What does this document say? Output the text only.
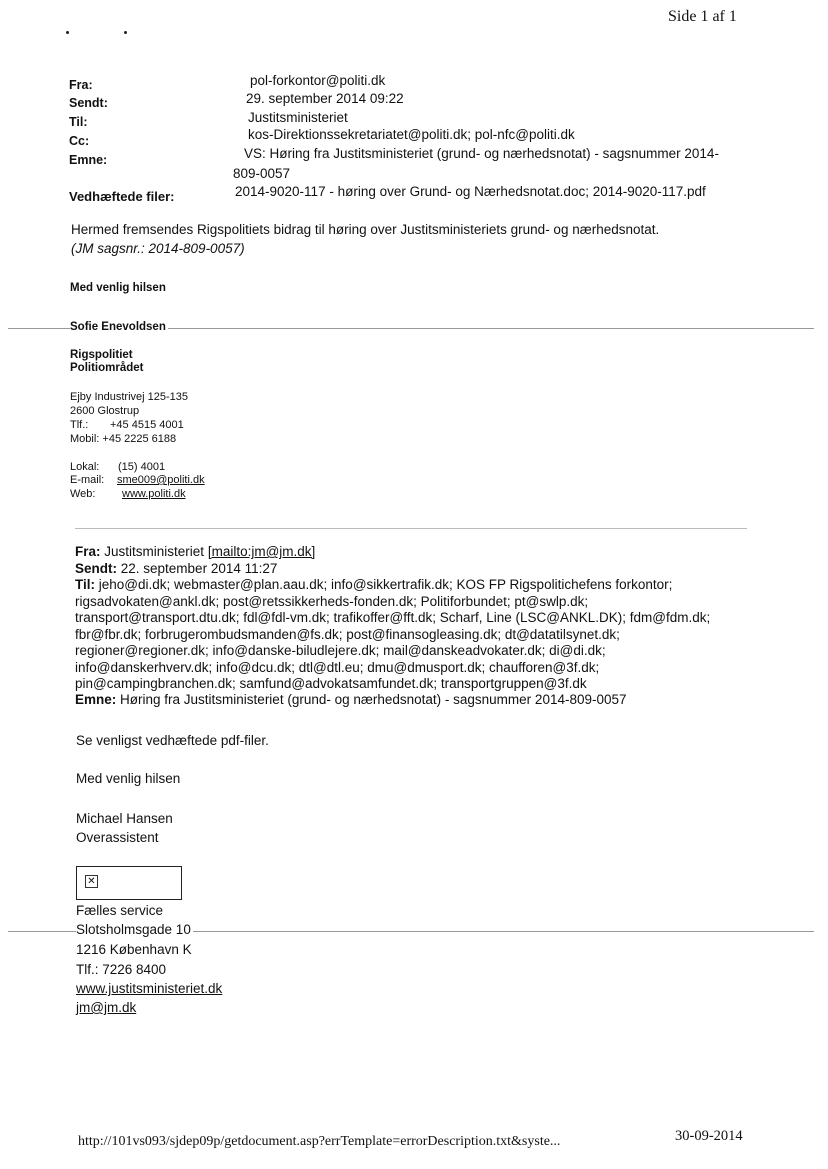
Side 1 af 1
Fra:	pol-forkontor@politi.dk
Sendt:	29. september 2014 09:22
Til:	Justitsministeriet
Cc:	kos-Direktionssekretariatet@politi.dk; pol-nfc@politi.dk
Emne:	VS: Høring fra Justitsministeriet (grund- og nærhedsnotat) - sagsnummer 2014-
809-0057
Vedhæftede filer:	2014-9020-117 - høring over Grund- og Nærhedsnotat.doc; 2014-9020-117.pdf
Hermed fremsendes Rigspolitiets bidrag til høring over Justitsministeriets grund- og nærhedsnotat.
(JM sagsnr.: 2014-809-0057)
Med venlig hilsen
Sofie Enevoldsen
Rigspolitiet
Politiområdet
Ejby Industrivej 125-135
2600 Glostrup
Tlf.: +45 4515 4001
Mobil: +45 2225 6188
Lokal: (15) 4001
E-mail: sme009@politi.dk
Web: www.politi.dk
Fra: Justitsministeriet [mailto:jm@jm.dk]
Sendt: 22. september 2014 11:27
Til: jeho@di.dk; webmaster@plan.aau.dk; info@sikkertrafik.dk; KOS FP Rigspolitichefens forkontor;
rigsadvokaten@ankl.dk; post@retssikkerheds-fonden.dk; Politiforbundet; pt@swlp.dk;
transport@transport.dtu.dk; fdl@fdl-vm.dk; trafikoffer@fft.dk; Scharf, Line (LSC@ANKL.DK); fdm@fdm.dk;
fbr@fbr.dk; forbrugerombudsmanden@fs.dk; post@finansogleasing.dk; dt@datatilsynet.dk;
regioner@regioner.dk; info@danske-biludlejere.dk; mail@danskeadvokater.dk; di@di.dk;
info@danskerhverv.dk; info@dcu.dk; dtl@dtl.eu; dmu@dmusport.dk; chaufforen@3f.dk;
pin@campingbranchen.dk; samfund@advokatsamfundet.dk; transportgruppen@3f.dk
Emne: Høring fra Justitsministeriet (grund- og nærhedsnotat) - sagsnummer 2014-809-0057
Se venligst vedhæftede pdf-filer.
Med venlig hilsen
Michael Hansen
Overassistent
✕
Fælles service
Slotsholmsgade 10
1216 København K
Tlf.: 7226 8400
www.justitsministeriet.dk
jm@jm.dk
http://101vs093/sjdep09p/getdocument.asp?errTemplate=errorDescription.txt&syste...	30-09-2014
